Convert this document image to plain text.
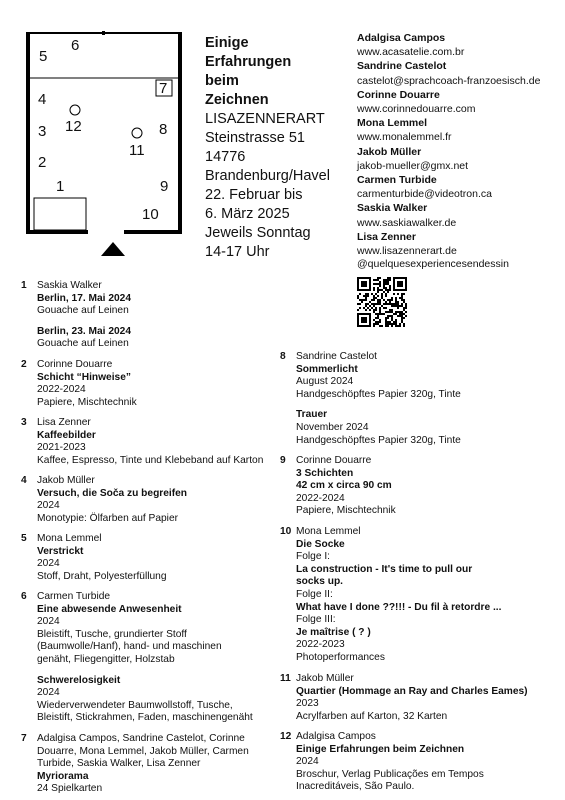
6
5
7
4
12
3	8
11
2
1	9
10
Einige
Erfahrungen
beim
Zeichnen
LISAZENNERART
Steinstrasse 51
14776
Brandenburg/Havel
22. Februar bis
6. März 2025
Jeweils Sonntag
14-17 Uhr
Adalgisa Campos
www.acasatelie.com.br
Sandrine Castelot
castelot@sprachcoach-franzoesisch.de
Corinne Douarre
www.corinnedouarre.com
Mona Lemmel
www.monalemmel.fr
Jakob Müller
jakob-mueller@gmx.net
Carmen Turbide
carmenturbide@videotron.ca
Saskia Walker
www.saskiawalker.de
Lisa Zenner
www.lisazennerart.de
@quelquesexperiencesendessin
1 Saskia Walker
Berlin, 17. Mai 2024
Gouache auf Leinen
Berlin, 23. Mai 2024
Gouache auf Leinen
2 Corinne Douarre
Schicht “Hinweise”
2022-2024
Papiere, Mischtechnik
3 Lisa Zenner
Kaffeebilder
2021-2023
Kaffee, Espresso, Tinte und Klebeband auf Karton
4 Jakob Müller
Versuch, die Soča zu begreifen
2024
Monotypie: Ölfarben auf Papier
5 Mona Lemmel
Verstrickt
2024
Stoff, Draht, Polyesterfüllung
6 Carmen Turbide
Eine abwesende Anwesenheit
2024
Bleistift, Tusche, grundierter Stoff
(Baumwolle/Hanf), hand- und maschinen
genäht, Fliegengitter, Holzstab
Schwerelosigkeit
2024
Wiederverwendeter Baumwollstoff, Tusche,
Bleistift, Stickrahmen, Faden, maschinengenäht
7 Adalgisa Campos, Sandrine Castelot, Corinne
Douarre, Mona Lemmel, Jakob Müller, Carmen
Turbide, Saskia Walker, Lisa Zenner
Myriorama
24 Spielkarten
8 Sandrine Castelot
Sommerlicht
August 2024
Handgeschöpftes Papier 320g, Tinte
Trauer
November 2024
Handgeschöpftes Papier 320g, Tinte
9 Corinne Douarre
3 Schichten
42 cm x circa 90 cm
2022-2024
Papiere, Mischtechnik
10 Mona Lemmel
Die Socke
Folge I:
La construction - It's time to pull our
socks up.
Folge II:
What have I done ??!!! - Du fil à retordre ...
Folge III:
Je maîtrise ( ? )
2022-2023
Photoperformances
11 Jakob Müller
Quartier (Hommage an Ray and Charles Eames)
2023
Acrylfarben auf Karton, 32 Karten
12 Adalgisa Campos
Einige Erfahrungen beim Zeichnen
2024
Broschur, Verlag Publicações em Tempos
Inacreditáveis, São Paulo.
